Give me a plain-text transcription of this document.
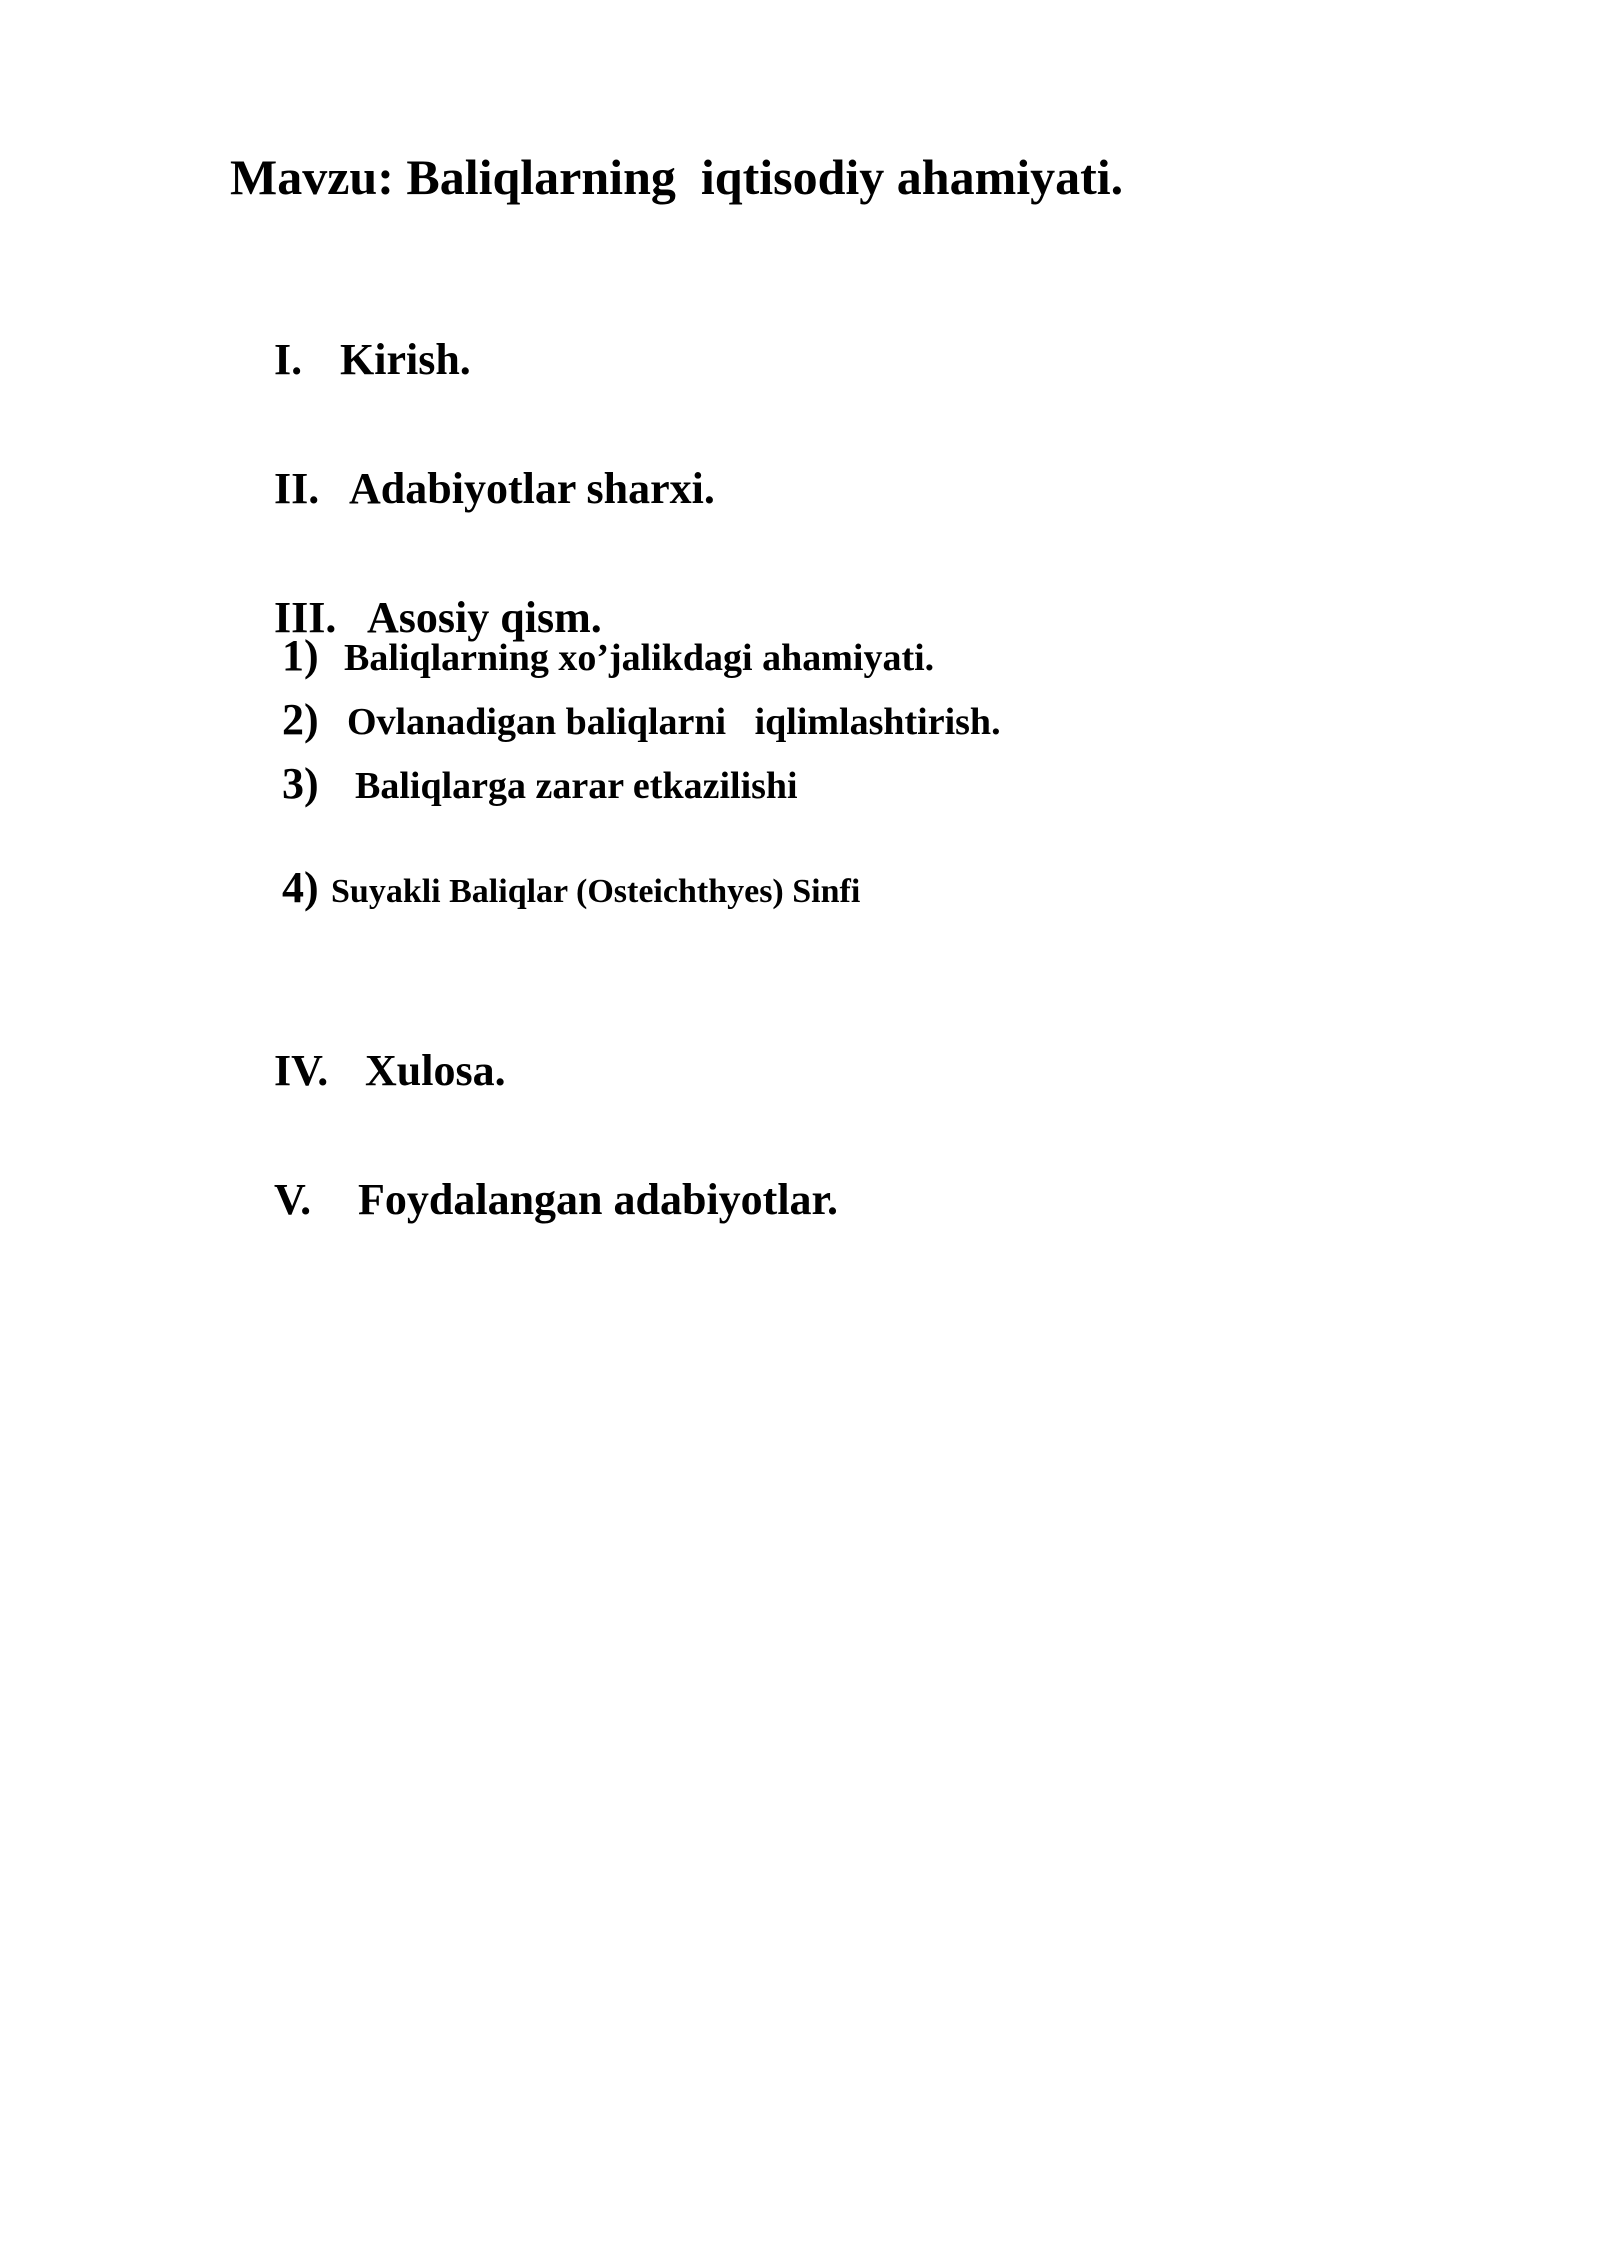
Mavzu: Baliqlarning  iqtisodiy ahamiyati.

I. Kirish.

II. Adabiyotlar sharxi.

III. Asosiy qism.

1) Baliqlarning xo’jalikdagi ahamiyati.

2) Ovlanadigan baliqlarni   iqlimlashtirish.

3) Baliqlarga zarar etkazilishi

4) Suyakli Baliqlar (Osteichthyes) Sinfi

IV. Xulosa.

V. Foydalangan adabiyotlar.
